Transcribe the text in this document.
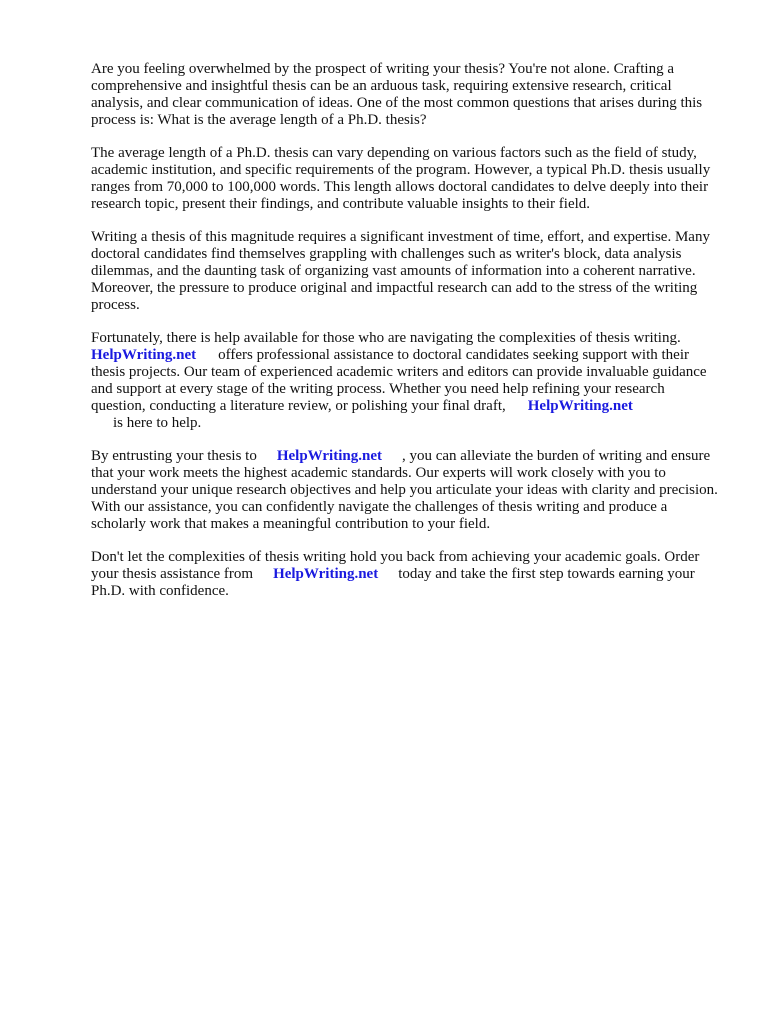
Are you feeling overwhelmed by the prospect of writing your thesis? You're not alone. Crafting a comprehensive and insightful thesis can be an arduous task, requiring extensive research, critical analysis, and clear communication of ideas. One of the most common questions that arises during this process is: What is the average length of a Ph.D. thesis?

The average length of a Ph.D. thesis can vary depending on various factors such as the field of study, academic institution, and specific requirements of the program. However, a typical Ph.D. thesis usually ranges from 70,000 to 100,000 words. This length allows doctoral candidates to delve deeply into their research topic, present their findings, and contribute valuable insights to their field.

Writing a thesis of this magnitude requires a significant investment of time, effort, and expertise. Many doctoral candidates find themselves grappling with challenges such as writer's block, data analysis dilemmas, and the daunting task of organizing vast amounts of information into a coherent narrative. Moreover, the pressure to produce original and impactful research can add to the stress of the writing process.

Fortunately, there is help available for those who are navigating the complexities of thesis writing.
HelpWriting.net offers professional assistance to doctoral candidates seeking support with their thesis projects. Our team of experienced academic writers and editors can provide invaluable guidance and support at every stage of the writing process. Whether you need help refining your research question, conducting a literature review, or polishing your final draft, HelpWriting.net
is here to help.

By entrusting your thesis to HelpWriting.net , you can alleviate the burden of writing and ensure that your work meets the highest academic standards. Our experts will work closely with you to understand your unique research objectives and help you articulate your ideas with clarity and precision. With our assistance, you can confidently navigate the challenges of thesis writing and produce a scholarly work that makes a meaningful contribution to your field.

Don't let the complexities of thesis writing hold you back from achieving your academic goals. Order your thesis assistance from HelpWriting.net today and take the first step towards earning your Ph.D. with confidence.
